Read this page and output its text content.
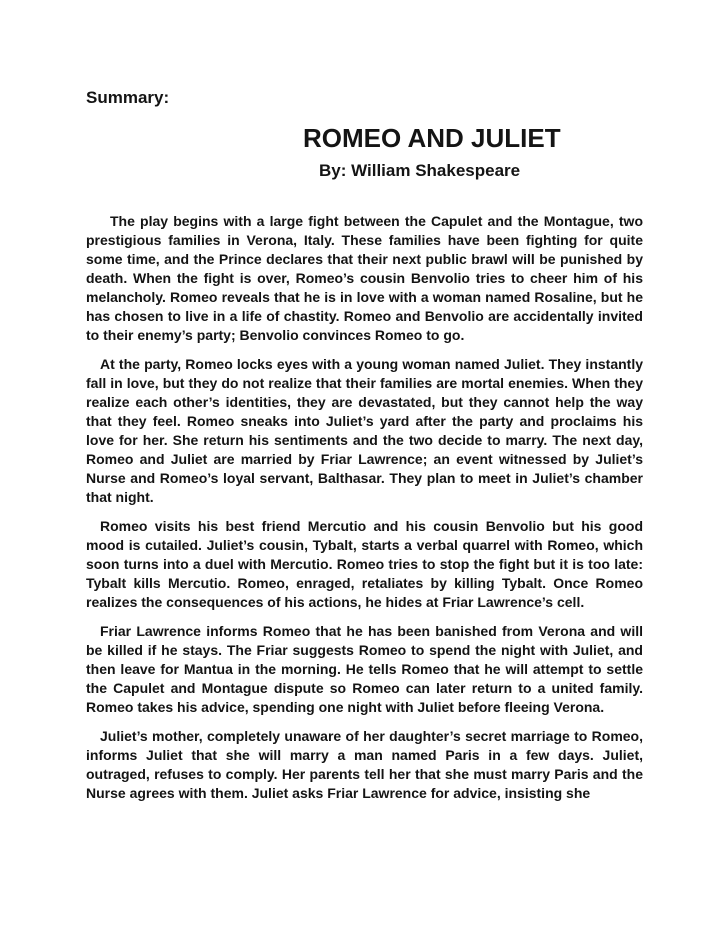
Summary:

ROMEO AND JULIET

By: William Shakespeare

The play begins with a large fight between the Capulet and the Montague, two prestigious families in Verona, Italy. These families have been fighting for quite some time, and the Prince declares that their next public brawl will be punished by death. When the fight is over, Romeo’s cousin Benvolio tries to cheer him of his melancholy. Romeo reveals that he is in love with a woman named Rosaline, but he has chosen to live in a life of chastity. Romeo and Benvolio are accidentally invited to their enemy’s party; Benvolio convinces Romeo to go.

At the party, Romeo locks eyes with a young woman named Juliet. They instantly fall in love, but they do not realize that their families are mortal enemies. When they realize each other’s identities, they are devastated, but they cannot help the way that they feel. Romeo sneaks into Juliet’s yard after the party and proclaims his love for her. She return his sentiments and the two decide to marry. The next day, Romeo and Juliet are married by Friar Lawrence; an event witnessed by Juliet’s Nurse and Romeo’s loyal servant, Balthasar. They plan to meet in Juliet’s chamber that night.

Romeo visits his best friend Mercutio and his cousin Benvolio but his good mood is cutailed. Juliet’s cousin, Tybalt, starts a verbal quarrel with Romeo, which soon turns into a duel with Mercutio. Romeo tries to stop the fight but it is too late: Tybalt kills Mercutio. Romeo, enraged, retaliates by killing Tybalt. Once Romeo realizes the consequences of his actions, he hides at Friar Lawrence’s cell.

Friar Lawrence informs Romeo that he has been banished from Verona and will be killed if he stays. The Friar suggests Romeo to spend the night with Juliet, and then leave for Mantua in the morning. He tells Romeo that he will attempt to settle the Capulet and Montague dispute so Romeo can later return to a united family. Romeo takes his advice, spending one night with Juliet before fleeing Verona.

Juliet’s mother, completely unaware of her daughter’s secret marriage to Romeo, informs Juliet that she will marry a man named Paris in a few days. Juliet, outraged, refuses to comply. Her parents tell her that she must marry Paris and the Nurse agrees with them. Juliet asks Friar Lawrence for advice, insisting she
